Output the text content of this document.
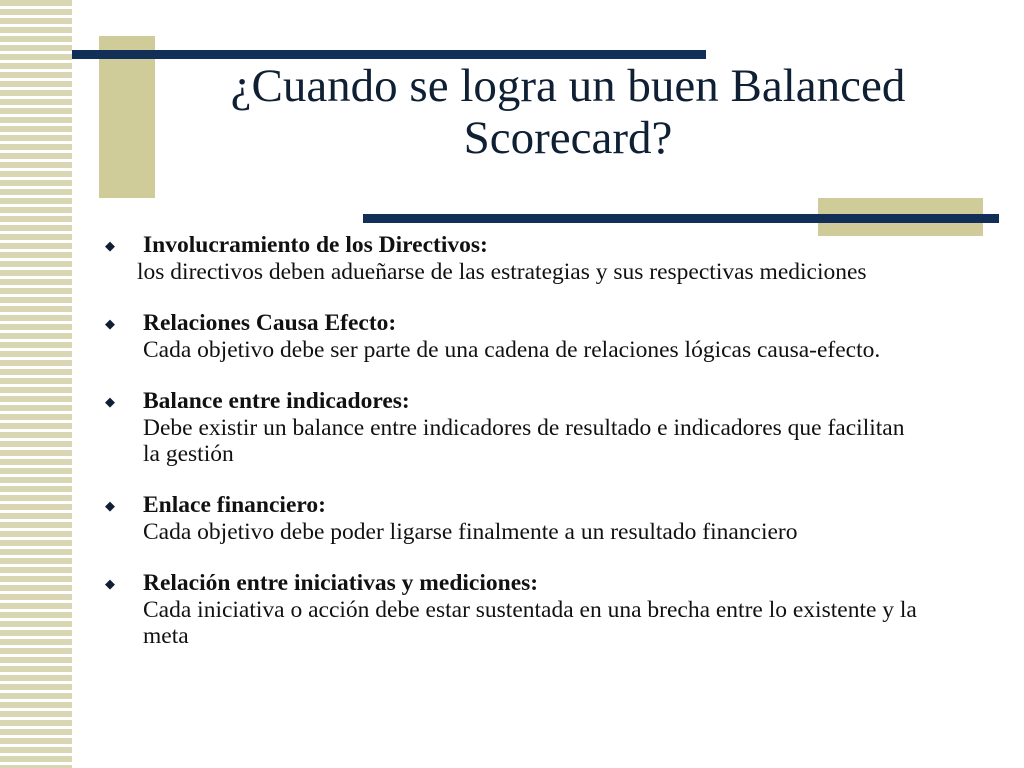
¿Cuando se logra un buen Balanced Scorecard?
◆ Involucramiento de los Directivos:
los directivos deben adueñarse de las estrategias y sus respectivas mediciones
◆ Relaciones Causa Efecto:
Cada objetivo debe ser parte de una cadena de relaciones lógicas causa-efecto.
◆ Balance entre indicadores:
Debe existir un balance entre indicadores de resultado e indicadores que facilitan la gestión
◆ Enlace financiero:
Cada objetivo debe poder ligarse finalmente a un resultado financiero
◆ Relación entre iniciativas y mediciones:
Cada iniciativa o acción debe estar sustentada en una brecha entre lo existente y la meta
